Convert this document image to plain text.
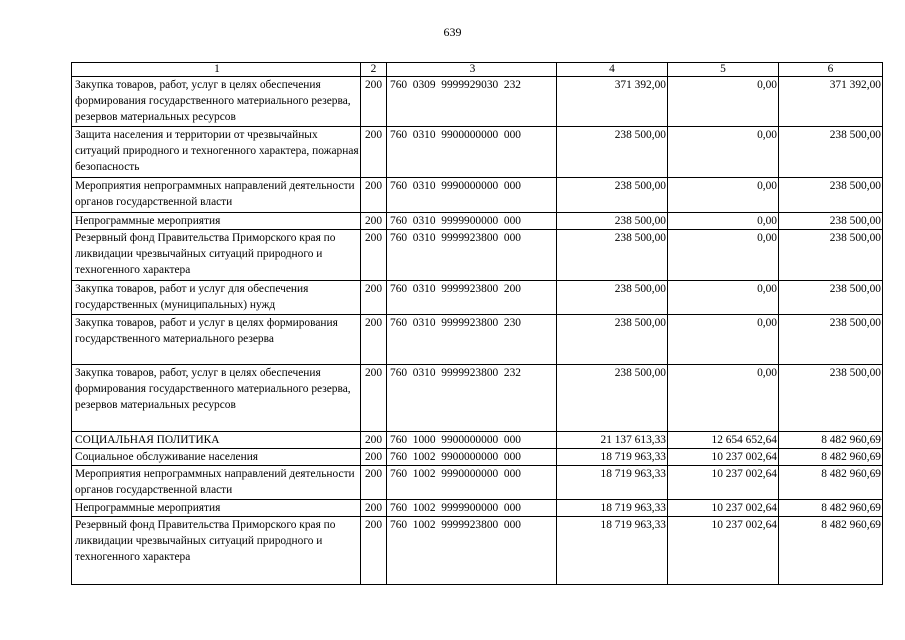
639
1	2	3	4	5	6
Закупка товаров, работ, услуг в целях обеспечения формирования государственного материального резерва, резервов материальных ресурсов	200	760  0309  9999929030  232	371 392,00	0,00	371 392,00
Защита населения и территории от чрезвычайных ситуаций природного и техногенного характера, пожарная безопасность	200	760  0310  9900000000  000	238 500,00	0,00	238 500,00
Мероприятия непрограммных направлений деятельности органов государственной власти	200	760  0310  9990000000  000	238 500,00	0,00	238 500,00
Непрограммные мероприятия	200	760  0310  9999900000  000	238 500,00	0,00	238 500,00
Резервный фонд Правительства Приморского края по ликвидации чрезвычайных ситуаций природного и техногенного характера	200	760  0310  9999923800  000	238 500,00	0,00	238 500,00
Закупка товаров, работ и услуг для обеспечения государственных (муниципальных) нужд	200	760  0310  9999923800  200	238 500,00	0,00	238 500,00
Закупка товаров, работ и услуг в целях формирования государственного материального резерва	200	760  0310  9999923800  230	238 500,00	0,00	238 500,00
Закупка товаров, работ, услуг в целях обеспечения формирования государственного материального резерва, резервов материальных ресурсов	200	760  0310  9999923800  232	238 500,00	0,00	238 500,00
СОЦИАЛЬНАЯ ПОЛИТИКА	200	760  1000  9900000000  000	21 137 613,33	12 654 652,64	8 482 960,69
Социальное обслуживание населения	200	760  1002  9900000000  000	18 719 963,33	10 237 002,64	8 482 960,69
Мероприятия непрограммных направлений деятельности органов государственной власти	200	760  1002  9990000000  000	18 719 963,33	10 237 002,64	8 482 960,69
Непрограммные мероприятия	200	760  1002  9999900000  000	18 719 963,33	10 237 002,64	8 482 960,69
Резервный фонд Правительства Приморского края по ликвидации чрезвычайных ситуаций природного и техногенного характера	200	760  1002  9999923800  000	18 719 963,33	10 237 002,64	8 482 960,69
